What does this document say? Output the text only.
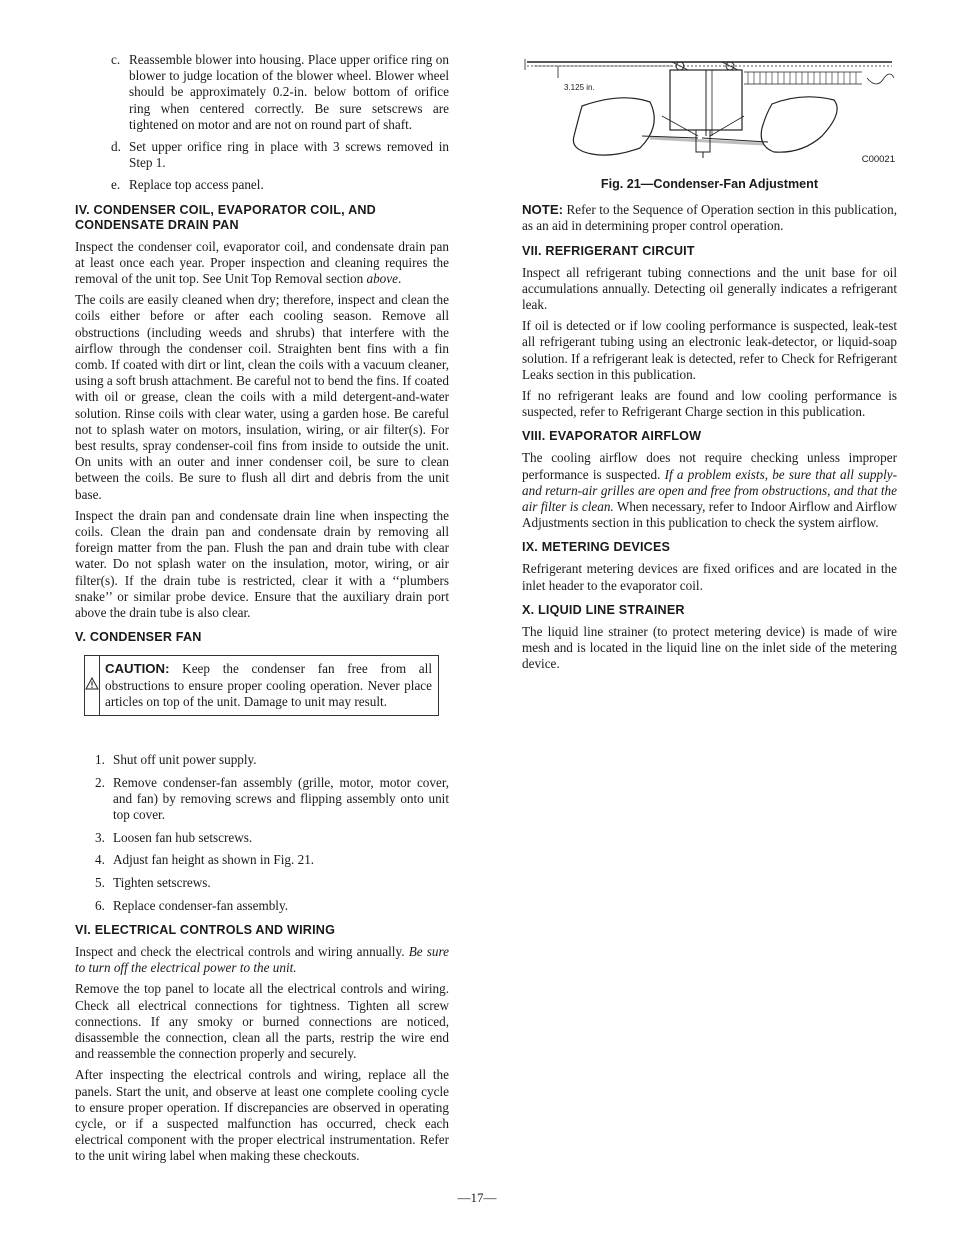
c. Reassemble blower into housing. Place upper orifice ring on blower to judge location of the blower wheel. Blower wheel should be approximately 0.2-in. below bottom of orifice ring when centered correctly. Be sure setscrews are tightened on motor and are not on round part of shaft.
d. Set upper orifice ring in place with 3 screws removed in Step 1.
e. Replace top access panel.
IV. CONDENSER COIL, EVAPORATOR COIL, AND CONDENSATE DRAIN PAN

Inspect the condenser coil, evaporator coil, and condensate drain pan at least once each year. Proper inspection and cleaning requires the removal of the unit top. See Unit Top Removal section above.

The coils are easily cleaned when dry; therefore, inspect and clean the coils either before or after each cooling season. Remove all obstructions (including weeds and shrubs) that interfere with the airflow through the condenser coil. Straighten bent fins with a fin comb. If coated with dirt or lint, clean the coils with a vacuum cleaner, using a soft brush attachment. Be careful not to bend the fins. If coated with oil or grease, clean the coils with a mild detergent-and-water solution. Rinse coils with clear water, using a garden hose. Be careful not to splash water on motors, insulation, wiring, or air filter(s). For best results, spray condenser-coil fins from inside to outside the unit. On units with an outer and inner condenser coil, be sure to clean between the coils. Be sure to flush all dirt and debris from the unit base.

Inspect the drain pan and condensate drain line when inspecting the coils. Clean the drain pan and condensate drain by removing all foreign matter from the pan. Flush the pan and drain tube with clear water. Do not splash water on the insulation, motor, wiring, or air filter(s). If the drain tube is restricted, clear it with a ‘‘plumbers snake’’ or similar probe device. Ensure that the auxiliary drain port above the drain tube is also clear.

V. CONDENSER FAN
CAUTION: Keep the condenser fan free from all obstructions to ensure proper cooling operation. Never place articles on top of the unit. Damage to unit may result.
1. Shut off unit power supply.
2. Remove condenser-fan assembly (grille, motor, motor cover, and fan) by removing screws and flipping assembly onto unit top cover.
3. Loosen fan hub setscrews.
4. Adjust fan height as shown in Fig. 21.
5. Tighten setscrews.
6. Replace condenser-fan assembly.
VI. ELECTRICAL CONTROLS AND WIRING

Inspect and check the electrical controls and wiring annually. Be sure to turn off the electrical power to the unit.

Remove the top panel to locate all the electrical controls and wiring. Check all electrical connections for tightness. Tighten all screw connections. If any smoky or burned connections are noticed, disassemble the connection, clean all the parts, restrip the wire end and reassemble the connection properly and securely.

After inspecting the electrical controls and wiring, replace all the panels. Start the unit, and observe at least one complete cooling cycle to ensure proper operation. If discrepancies are observed in operating cycle, or if a suspected malfunction has occurred, check each electrical component with the proper electrical instrumentation. Refer to the unit wiring label when making these checkouts.

3.125 in.
C00021
Fig. 21—Condenser-Fan Adjustment

NOTE: Refer to the Sequence of Operation section in this publication, as an aid in determining proper control operation.

VII. REFRIGERANT CIRCUIT

Inspect all refrigerant tubing connections and the unit base for oil accumulations annually. Detecting oil generally indicates a refrigerant leak.

If oil is detected or if low cooling performance is suspected, leak-test all refrigerant tubing using an electronic leak-detector, or liquid-soap solution. If a refrigerant leak is detected, refer to Check for Refrigerant Leaks section in this publication.

If no refrigerant leaks are found and low cooling performance is suspected, refer to Refrigerant Charge section in this publication.

VIII. EVAPORATOR AIRFLOW

The cooling airflow does not require checking unless improper performance is suspected. If a problem exists, be sure that all supply- and return-air grilles are open and free from obstructions, and that the air filter is clean. When necessary, refer to Indoor Airflow and Airflow Adjustments section in this publication to check the system airflow.

IX. METERING DEVICES

Refrigerant metering devices are fixed orifices and are located in the inlet header to the evaporator coil.

X. LIQUID LINE STRAINER

The liquid line strainer (to protect metering device) is made of wire mesh and is located in the liquid line on the inlet side of the metering device.

—17—
